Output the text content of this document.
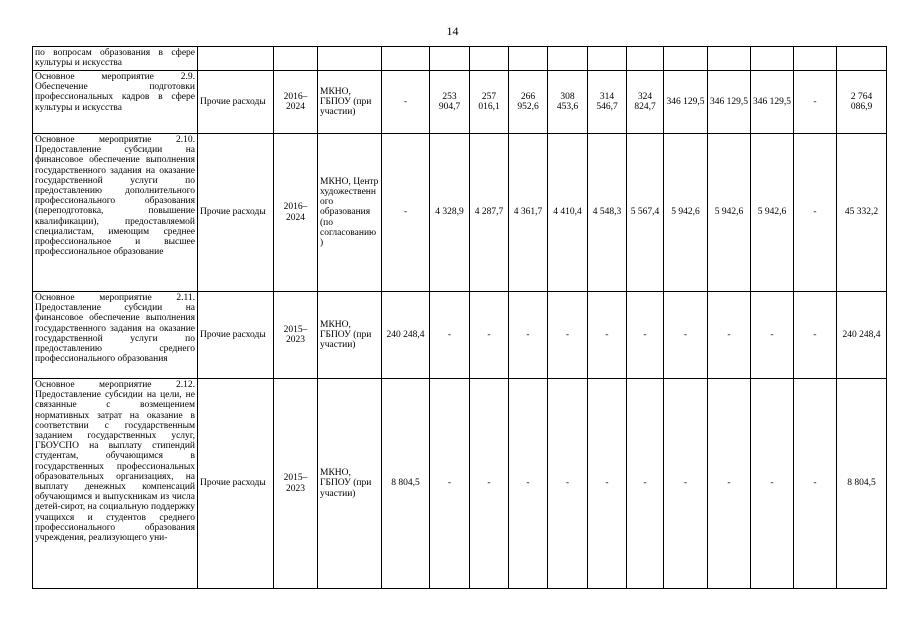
14
по вопросам образования в сфере культуры и искусства															
Основное мероприятие 2.9. Обеспечение подготовки профессиональных кадров в сфере культуры и искусства	Прочие расходы	2016–2024	МКНО, ГБПОУ (при участии)	-	253 904,7	257 016,1	266 952,6	308 453,6	314 546,7	324 824,7	346 129,5	346 129,5	346 129,5	-	2 764 086,9
Основное мероприятие 2.10. Предоставление субсидии на финансовое обеспечение выполнения государственного задания на оказание государственной услуги по предоставлению дополнительного профессионального образования (переподготовка, повышение квалификации), предоставляемой специалистам, имеющим среднее профессиональное и высшее профессиональное образование	Прочие расходы	2016–2024	МКНО, Центр художественного образования (по согласованию)	-	4 328,9	4 287,7	4 361,7	4 410,4	4 548,3	5 567,4	5 942,6	5 942,6	5 942,6	-	45 332,2
Основное мероприятие 2.11. Предоставление субсидии на финансовое обеспечение выполнения государственного задания на оказание государственной услуги по предоставлению среднего профессионального образования	Прочие расходы	2015–2023	МКНО, ГБПОУ (при участии)	240 248,4	-	-	-	-	-	-	-	-	-	-	240 248,4
Основное мероприятие 2.12. Предоставление субсидии на цели, не связанные с возмещением нормативных затрат на оказание в соответствии с государственным заданием государственных услуг, ГБОУСПО на выплату стипендий студентам, обучающимся в государственных профессиональных образовательных организациях, на выплату денежных компенсаций обучающимся и выпускникам из числа детей-сирот, на социальную поддержку учащихся и студентов среднего профессионального образования учреждения, реализующего уни-	Прочие расходы	2015–2023	МКНО, ГБПОУ (при участии)	8 804,5	-	-	-	-	-	-	-	-	-	-	8 804,5
